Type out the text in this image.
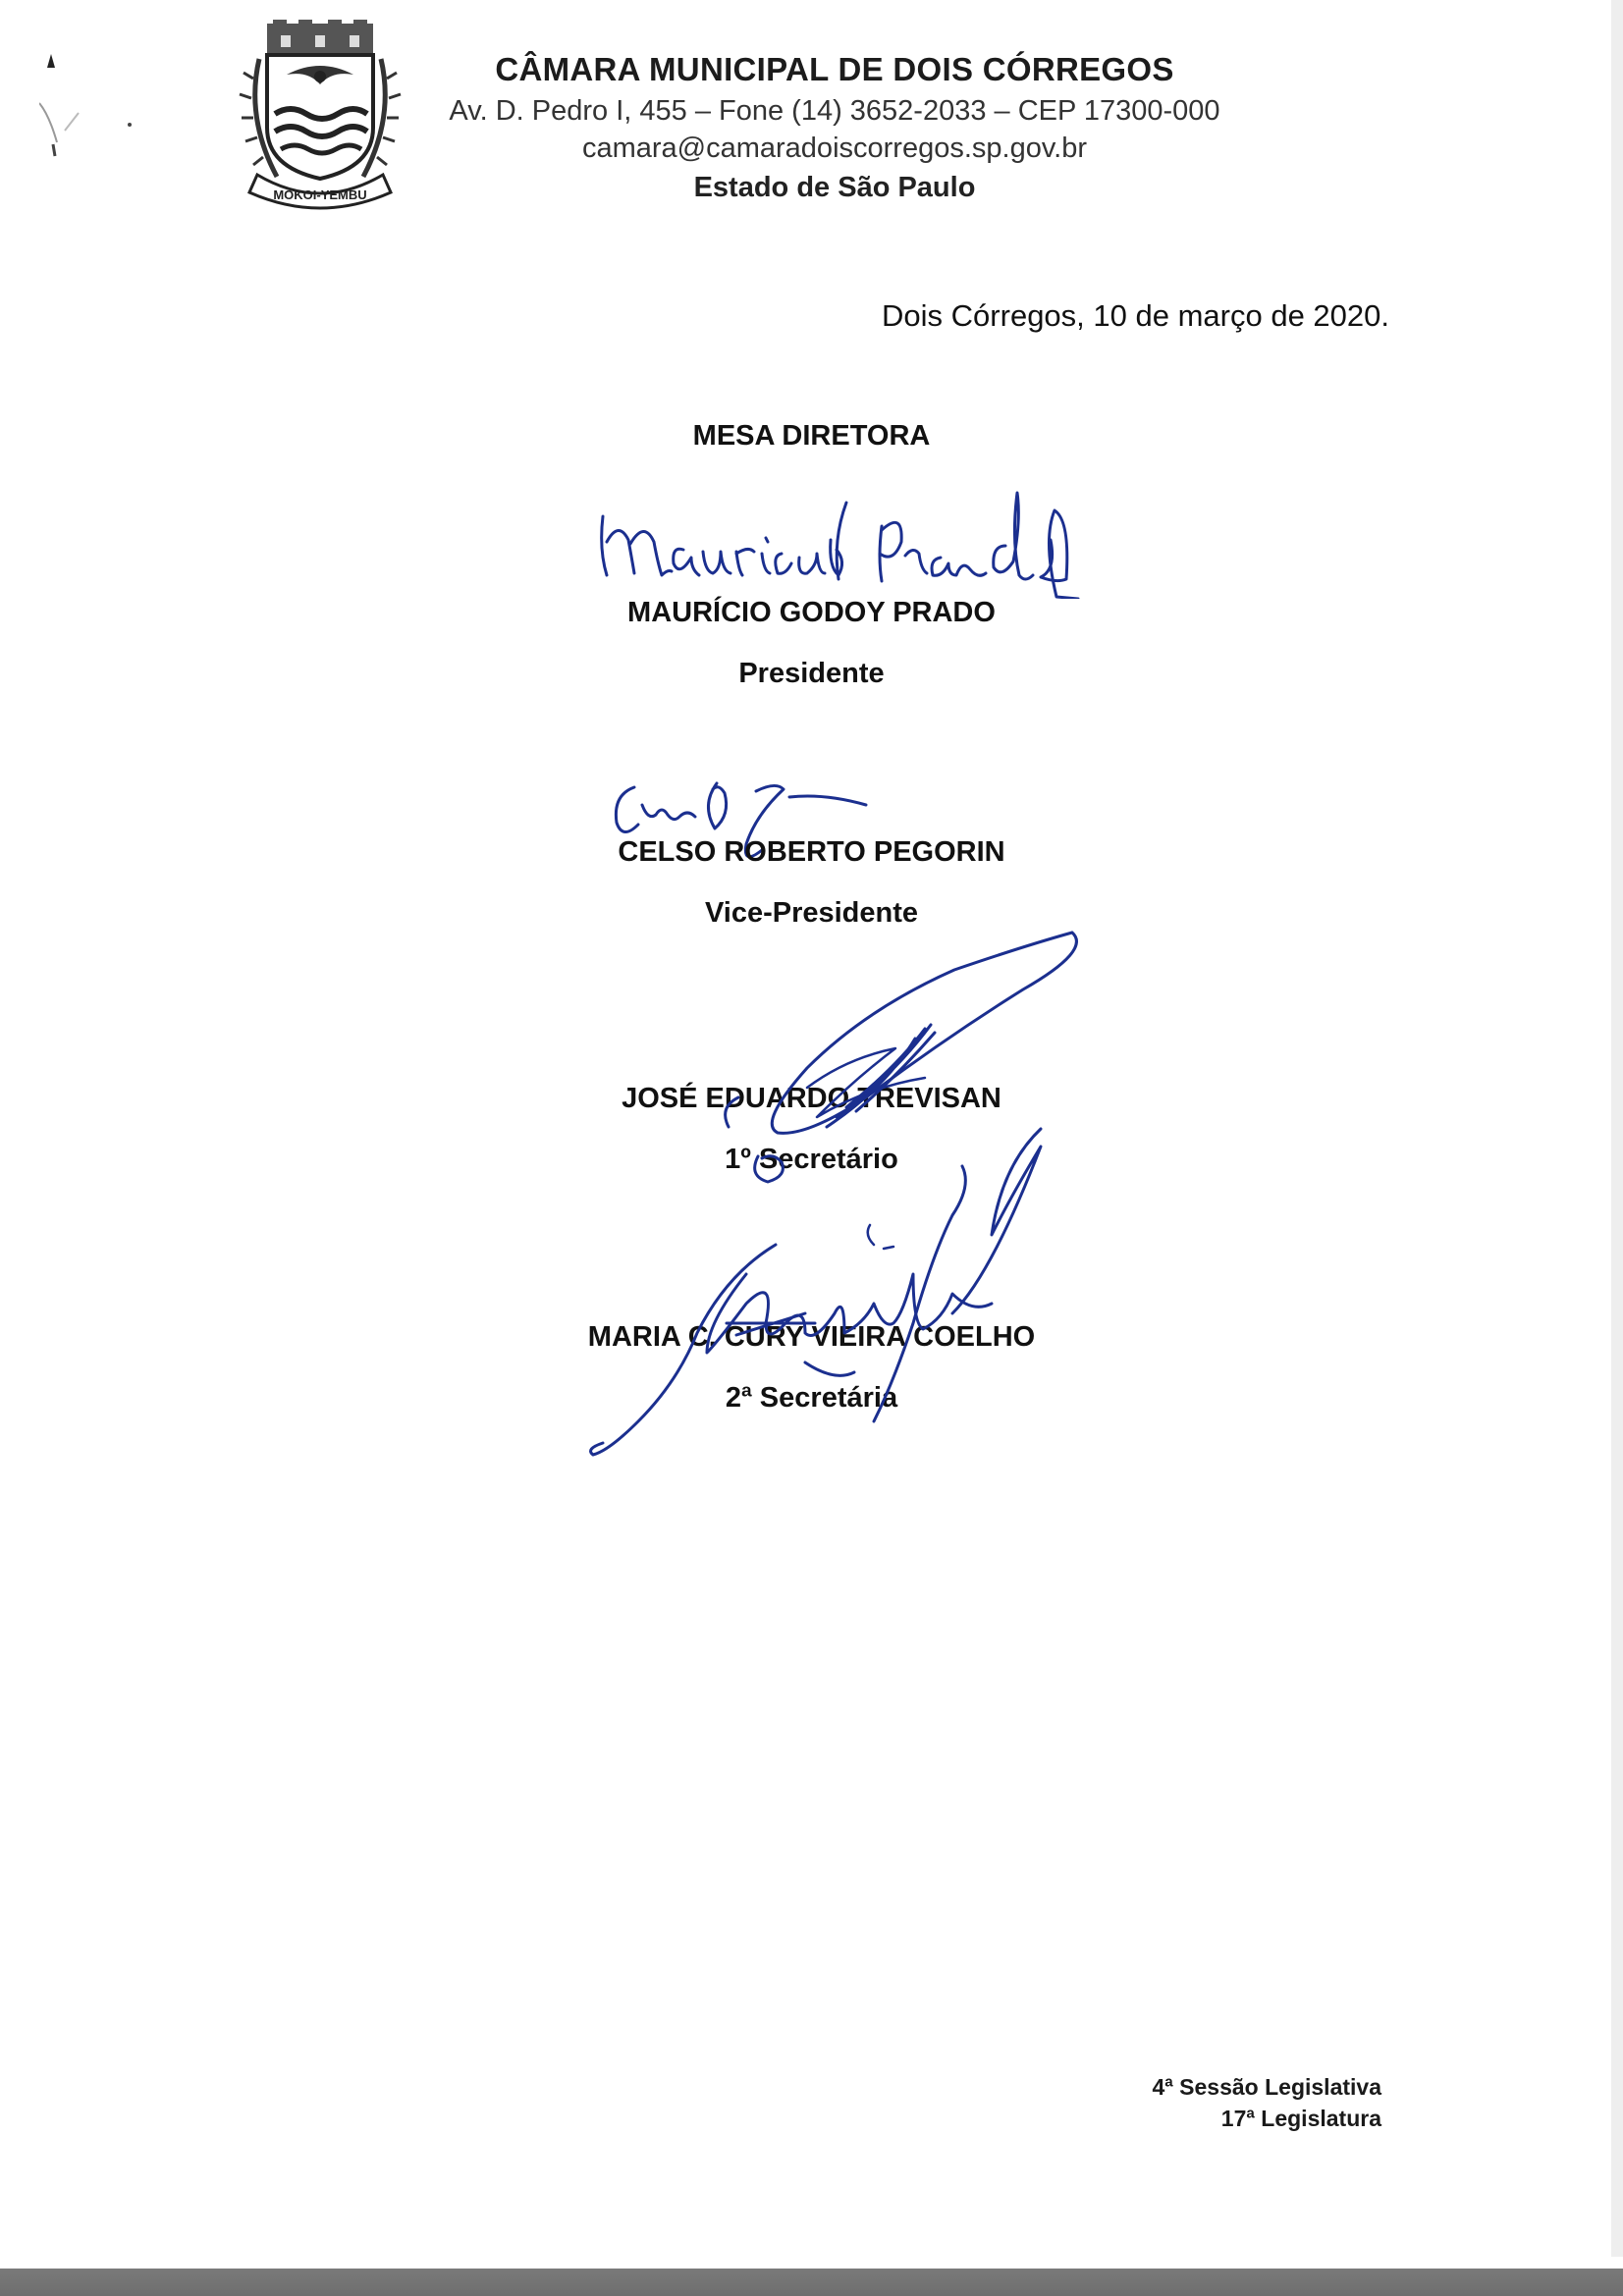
MOKOI-YEMBU
CÂMARA MUNICIPAL DE DOIS CÓRREGOS
Av. D. Pedro I, 455 – Fone (14) 3652-2033 – CEP 17300-000
camara@camaradoiscorregos.sp.gov.br
Estado de São Paulo
Dois Córregos, 10 de março de 2020.
MESA DIRETORA
MAURÍCIO GODOY PRADO
Presidente
CELSO ROBERTO PEGORIN
Vice-Presidente
JOSÉ EDUARDO TREVISAN
1º Secretário
MARIA C. CURY VIEIRA COELHO
2ª Secretária
4ª Sessão Legislativa
17ª Legislatura
